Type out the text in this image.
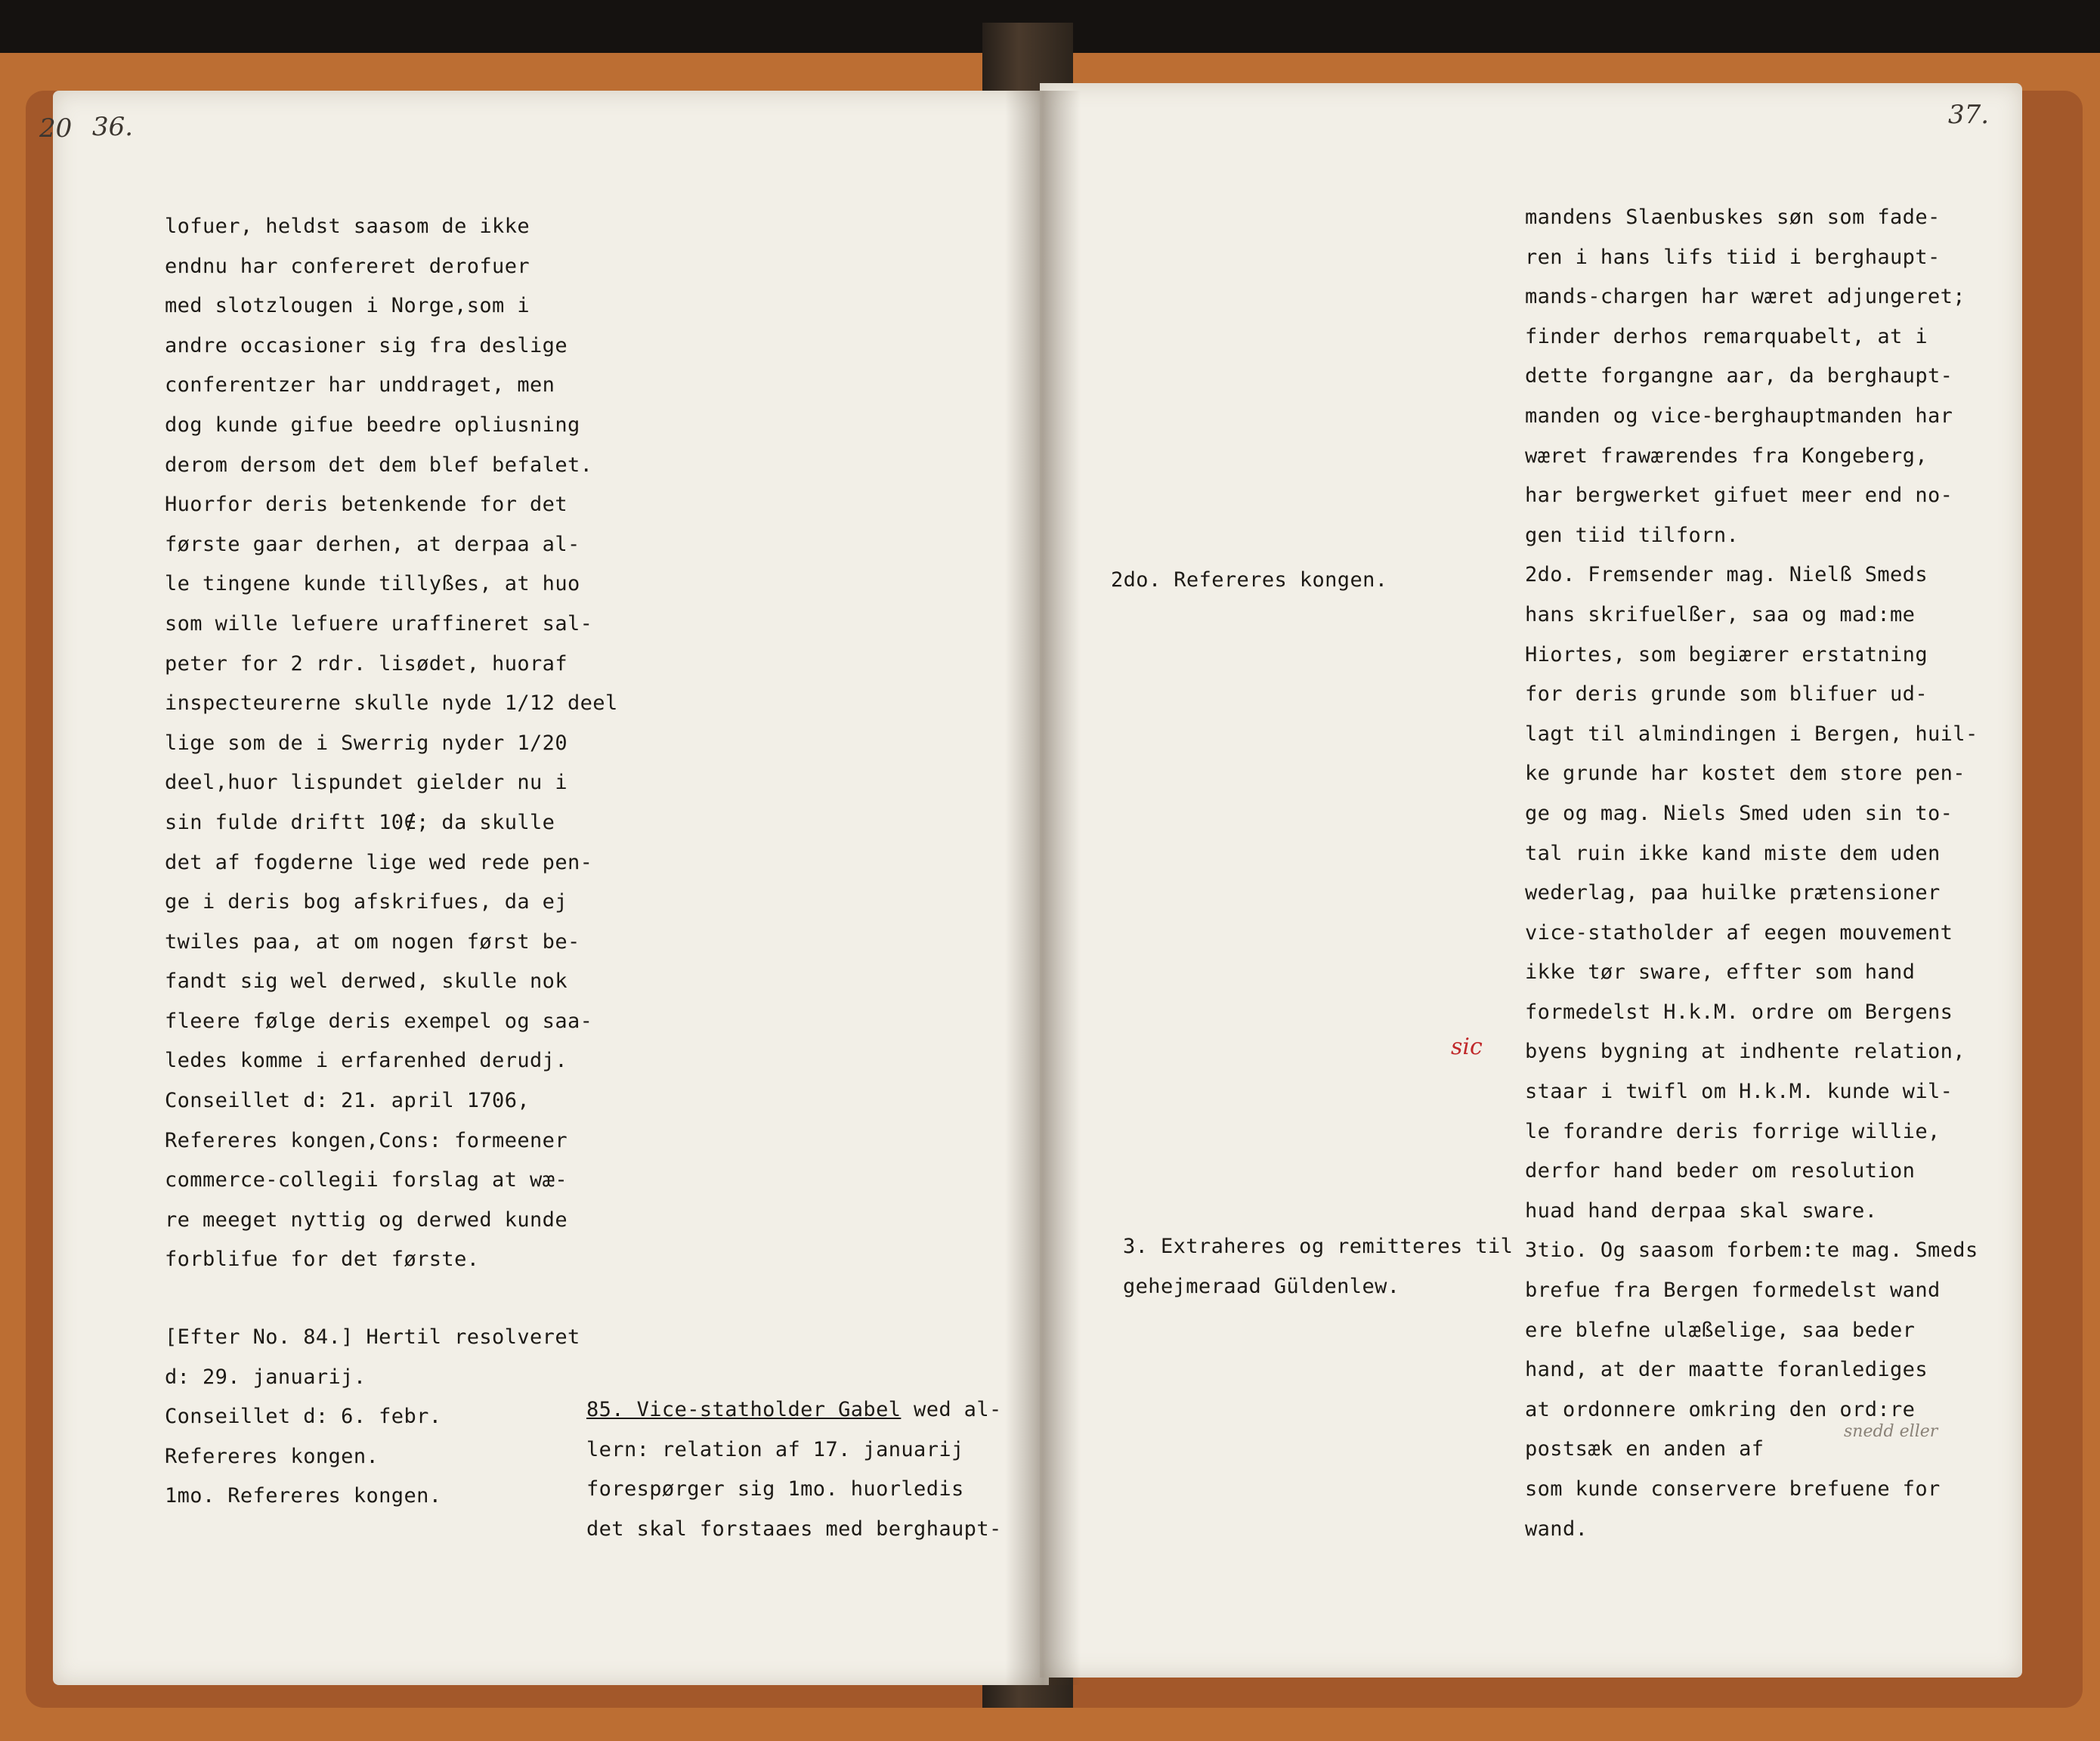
20 36.
lofuer, heldst saasom de ikke
endnu har confereret derofuer
med slotzlougen i Norge,som i
andre occasioner sig fra deslige
conferentzer har unddraget, men
dog kunde gifue beedre opliusning
derom dersom det dem blef befalet.
Huorfor deris betenkende for det
første gaar derhen, at derpaa al-
le tingene kunde tillyßes, at huo
som wille lefuere uraffineret sal-
peter for 2 rdr. lisødet, huoraf
inspecteurerne skulle nyde 1/12 deel
lige som de i Swerrig nyder 1/20
deel,huor lispundet gielder nu i
sin fulde driftt 10∉; da skulle
det af fogderne lige wed rede pen-
ge i deris bog afskrifues, da ej
twiles paa, at om nogen først be-
fandt sig wel derwed, skulle nok
fleere følge deris exempel og saa-
ledes komme i erfarenhed derudj.
Conseillet d: 21. april 1706,
Refereres kongen,Cons: formeener
commerce-collegii forslag at wæ-
re meeget nyttig og derwed kunde
forblifue for det første.
[Efter No. 84.] Hertil resolveret
d: 29. januarij.
Conseillet d: 6. febr.
Refereres kongen.
1mo. Refereres kongen.
85. Vice-statholder Gabel wed al-
lern: relation af 17. januarij
forespørger sig 1mo. huorledis
det skal forstaaes med berghaupt-
37.
2do. Refereres kongen.
3. Extraheres og remitteres til
gehejmeraad Güldenlew.
sic
mandens Slaenbuskes søn som fade-
ren i hans lifs tiid i berghaupt-
mands-chargen har wæret adjungeret;
finder derhos remarquabelt, at i
dette forgangne aar, da berghaupt-
manden og vice-berghauptmanden har
wæret frawærendes fra Kongeberg,
har bergwerket gifuet meer end no-
gen tiid tilforn.
2do. Fremsender mag. Nielß Smeds
hans skrifuelßer, saa og mad:me
Hiortes, som begiærer erstatning
for deris grunde som blifuer ud-
lagt til almindingen i Bergen, huil-
ke grunde har kostet dem store pen-
ge og mag. Niels Smed uden sin to-
tal ruin ikke kand miste dem uden
wederlag, paa huilke prætensioner
vice-statholder af eegen mouvement
ikke tør sware, effter som hand
formedelst H.k.M. ordre om Bergens
byens bygning at indhente relation,
staar i twifl om H.k.M. kunde wil-
le forandre deris forrige willie,
derfor hand beder om resolution
huad hand derpaa skal sware.
3tio. Og saasom forbem:te mag. Smeds
brefue fra Bergen formedelst wand
ere blefne ulæßelige, saa beder
hand, at der maatte foranlediges
at ordonnere omkring den ord:re
postsæk en anden af
som kunde conservere brefuene for
wand.
snedd eller
